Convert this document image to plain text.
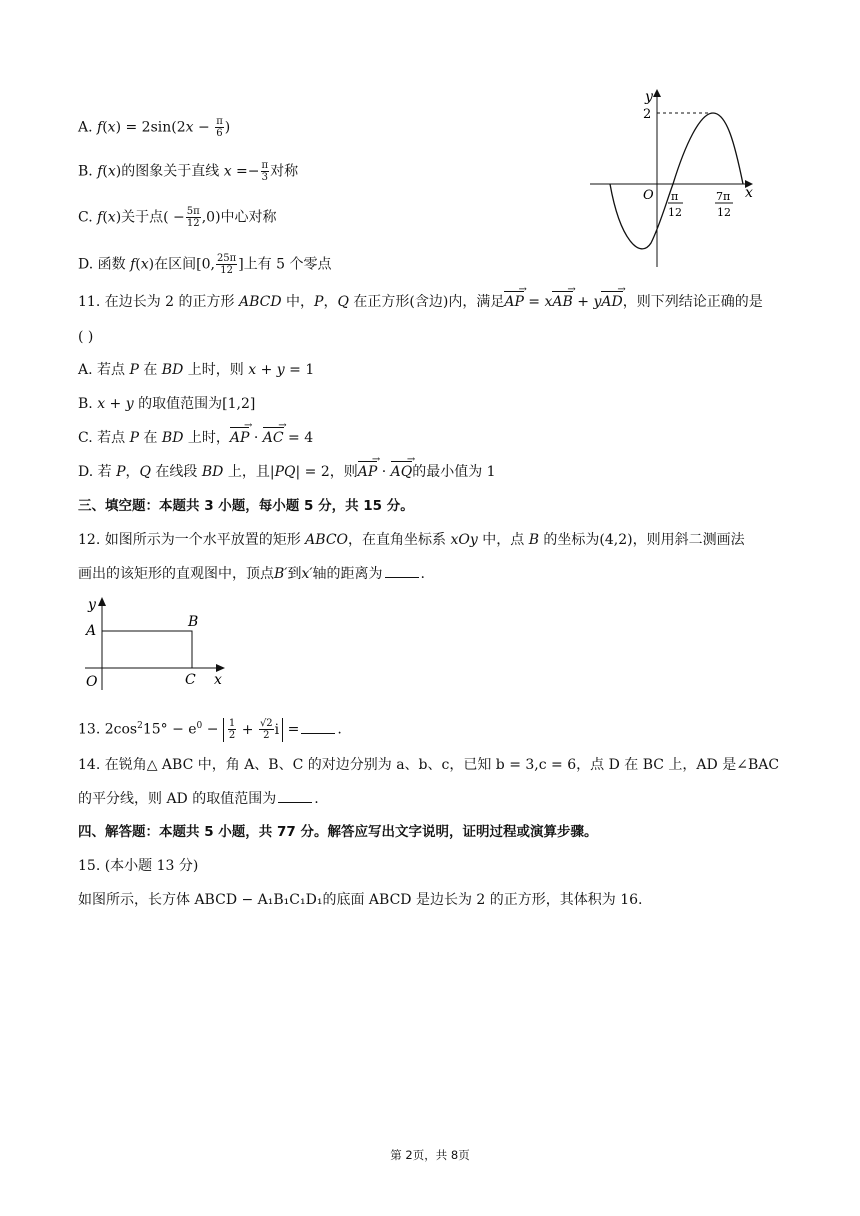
A. $f(x) = 2\sin(2x - \frac{\pi}{6}$ )
B. f(x)的图象关于直线 $x =- \frac{\pi}{3}$ 对称
C. f(x)关于点( − $\frac{5\pi}{12} ,0$)中心对称
D. 函数 f(x)在区间[0, $\frac{25\pi}{12}$ ]上有 5 个零点
y
x
2
O π
12
7π
12
11. 在边长为 2 的正方形 ABCD 中，P，Q 在正方形(含边)内，满足AP → = xAB → + yAD →，则下列结论正确的是
( )
A. 若点 P 在 BD 上时，则 x + y = 1
B. x + y 的取值范围为[1,2]
C. 若点 P 在 BD 上时，AP → · AC → = 4
D. 若 P，Q 在线段 BD 上，且|PQ| = 2，则AP → · AQ →的最小值为 1
三、填空题：本题共 3 小题，每小题 5 分，共 15 分。
12. 如图所示为一个水平放置的矩形 ABCO，在直角坐标系 xOy 中，点 B 的坐标为(4,2)，则用斜二测画法
画出的该矩形的直观图中，顶点B′到x′轴的距离为	.
y
x
A
B
O	C
13. $2\cos^215^\circ - e^0 - \frac{1}{2} + \frac{√2}{2}$ i =	.
14. 在锐角△ ABC 中，角 A、B、C 的对边分别为 a、b、c，已知 b = 3,c = 6，点 D 在 BC 上，AD 是∠BAC
的平分线，则 AD 的取值范围为	.
四、解答题：本题共 5 小题，共 77 分。解答应写出文字说明，证明过程或演算步骤。
15. (本小题 13 分)
如图所示，长方体 ABCD − A₁B₁C₁D₁的底面 ABCD 是边长为 2 的正方形，其体积为 16.
第 2页，共 8页
